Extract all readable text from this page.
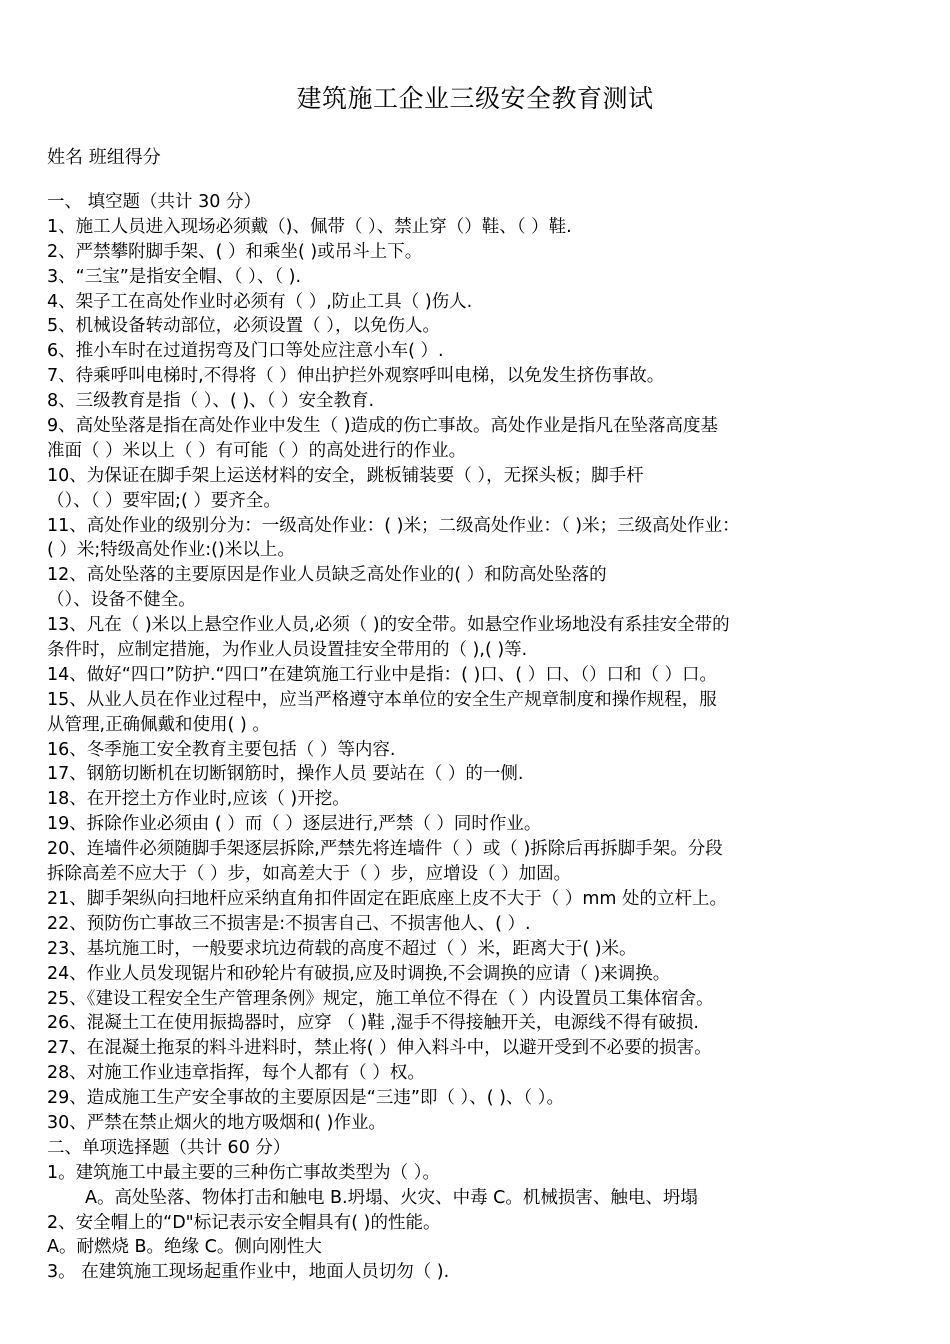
建筑施工企业三级安全教育测试
姓名 班组得分
一、 填空题（共计 30 分）
1、施工人员进入现场必须戴（)、佩带（ ）、禁止穿（）鞋、（ ）鞋.
2、严禁攀附脚手架、( ）和乘坐( )或吊斗上下。
3、“三宝”是指安全帽、（ ）、（ ).
4、架子工在高处作业时必须有（ ）,防止工具（ )伤人.
5、机械设备转动部位，必须设置（ ），以免伤人。
6、推小车时在过道拐弯及门口等处应注意小车( ）.
7、待乘呼叫电梯时,不得将（ ）伸出护拦外观察呼叫电梯，以免发生挤伤事故。
8、三级教育是指（ ）、( )、（ ）安全教育.
9、高处坠落是指在高处作业中发生（ )造成的伤亡事故。高处作业是指凡在坠落高度基
准面（ ）米以上（ ）有可能（ ）的高处进行的作业。
10、为保证在脚手架上运送材料的安全，跳板铺装要（ ），无探头板；脚手杆
（）、（ ）要牢固;( ）要齐全。
11、高处作业的级别分为：一级高处作业：( )米；二级高处作业：（ )米；三级高处作业：
( ）米;特级高处作业:()米以上。
12、高处坠落的主要原因是作业人员缺乏高处作业的( ）和防高处坠落的
（）、设备不健全。
13、凡在（ )米以上悬空作业人员,必须（ )的安全带。如悬空作业场地没有系挂安全带的
条件时，应制定措施，为作业人员设置挂安全带用的（ ),( )等.
14、做好“四口”防护.“四口”在建筑施工行业中是指：( )口、( ）口、（）口和（ ）口。
15、从业人员在作业过程中，应当严格遵守本单位的安全生产规章制度和操作规程，服
从管理,正确佩戴和使用( ) 。
16、冬季施工安全教育主要包括（ ）等内容.
17、钢筋切断机在切断钢筋时，操作人员 要站在（ ）的一侧.
18、在开挖土方作业时,应该（ )开挖。
19、拆除作业必须由 ( ）而（ ）逐层进行,严禁（ ）同时作业。
20、连墙件必须随脚手架逐层拆除,严禁先将连墙件（ ）或（ )拆除后再拆脚手架。分段
拆除高差不应大于（ ）步，如高差大于（ ）步，应增设（ ）加固。
21、脚手架纵向扫地杆应采纳直角扣件固定在距底座上皮不大于（ ）mm 处的立杆上。
22、预防伤亡事故三不损害是:不损害自己、不损害他人、( ）.
23、基坑施工时，一般要求坑边荷载的高度不超过（ ）米，距离大于( )米。
24、作业人员发现锯片和砂轮片有破损,应及时调换,不会调换的应请（ )来调换。
25、《建设工程安全生产管理条例》规定，施工单位不得在（ ）内设置员工集体宿舍。
26、混凝土工在使用振捣器时，应穿 （ )鞋 ,湿手不得接触开关，电源线不得有破损.
27、在混凝土拖泵的料斗进料时，禁止将( ）伸入料斗中，以避开受到不必要的损害。
28、对施工作业违章指挥，每个人都有（ ）权。
29、造成施工生产安全事故的主要原因是“三违”即（ ）、( )、（ ）。
30、严禁在禁止烟火的地方吸烟和( )作业。
二、单项选择题（共计 60 分）
1。建筑施工中最主要的三种伤亡事故类型为（ ）。
A。高处坠落、物体打击和触电 B.坍塌、火灾、中毒 C。机械损害、触电、坍塌
2、安全帽上的“D"标记表示安全帽具有( )的性能。
A。耐燃烧 B。绝缘 C。侧向刚性大
3。 在建筑施工现场起重作业中，地面人员切勿（ ).
